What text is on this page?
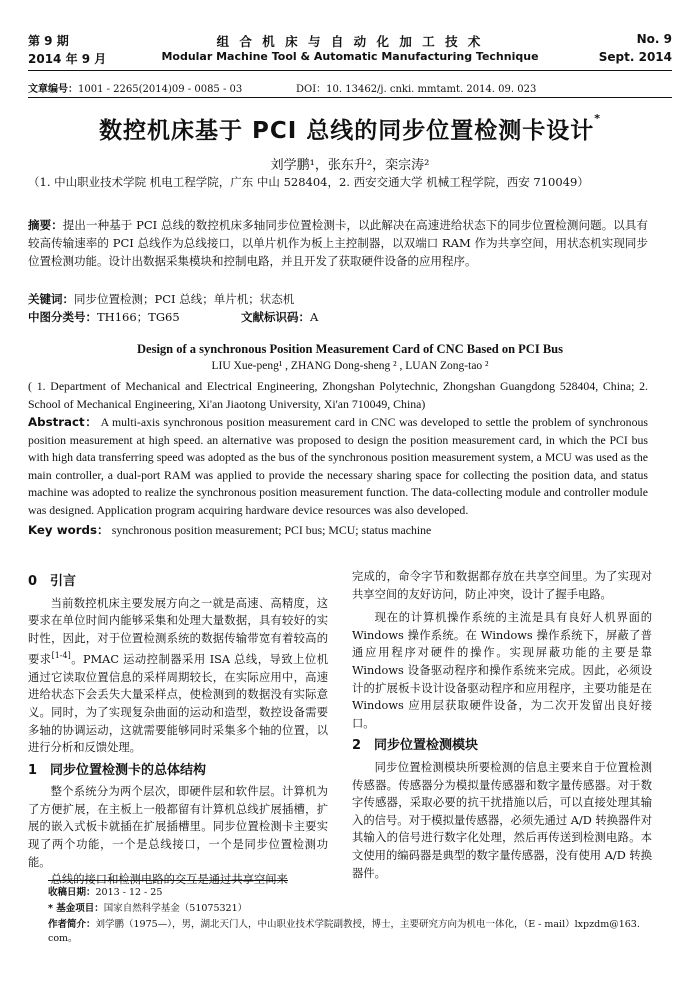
第 9 期
2014 年 9 月
组 合 机 床 与 自 动 化 加 工 技 术
Modular Machine Tool & Automatic Manufacturing Technique
No. 9
Sept. 2014
文章编号：1001 - 2265(2014)09 - 0085 - 03	DOI：10. 13462/j. cnki. mmtamt. 2014. 09. 023
数控机床基于 PCI 总线的同步位置检测卡设计*
刘学鹏¹，张东升²，栾宗涛²
（1. 中山职业技术学院 机电工程学院，广东 中山 528404，2. 西安交通大学 机械工程学院，西安 710049）
摘要：提出一种基于 PCI 总线的数控机床多轴同步位置检测卡，以此解决在高速进给状态下的同步位置检测问题。以具有较高传输速率的 PCI 总线作为总线接口，以单片机作为板上主控制器，以双端口 RAM 作为共享空间，用状态机实现同步位置检测功能。设计出数据采集模块和控制电路，并且开发了获取硬件设备的应用程序。
关键词：同步位置检测；PCI 总线；单片机；状态机
中图分类号：TH166；TG65	文献标识码：A
Design of a synchronous Position Measurement Card of CNC Based on PCI Bus
LIU Xue-peng¹ , ZHANG Dong-sheng ² , LUAN Zong-tao ²
( 1. Department of Mechanical and Electrical Engineering, Zhongshan Polytechnic, Zhongshan Guangdong 528404, China; 2. School of Mechanical Engineering, Xi'an Jiaotong University, Xi'an 710049, China)
Abstract： A multi-axis synchronous position measurement card in CNC was developed to settle the problem of synchronous position measurement at high speed. an alternative was proposed to design the position measurement card, in which the PCI bus with high data transferring speed was adopted as the bus of the synchronous position measurement system, a MCU was used as the main controller, a dual-port RAM was applied to provide the necessary sharing space for collecting the position data, and status machine was adopted to realize the synchronous position measurement function. The data-collecting module and controller module was designed. Application program acquiring hardware device resources was also developed.
Key words： synchronous position measurement; PCI bus; MCU; status machine
0 引言

当前数控机床主要发展方向之一就是高速、高精度，这要求在单位时间内能够采集和处理大量数据，具有较好的实时性，因此，对于位置检测系统的数据传输带宽有着较高的要求[1-4]。PMAC 运动控制器采用 ISA 总线，导致上位机通过它读取位置信息的采样周期较长，在实际应用中，高速进给状态下会丢失大量采样点，使检测到的数据没有实际意义。同时，为了实现复杂曲面的运动和造型，数控设备需要多轴的协调运动，这就需要能够同时采集多个轴的位置，以进行分析和反馈处理。

1 同步位置检测卡的总体结构

整个系统分为两个层次，即硬件层和软件层。计算机为了方便扩展，在主板上一般都留有计算机总线扩展插槽，扩展的嵌入式板卡就插在扩展插槽里。同步位置检测卡主要实现了两个功能，一个是总线接口，一个是同步位置检测功能。

总线的接口和检测电路的交互是通过共享空间来

完成的，命令字节和数据都存放在共享空间里。为了实现对共享空间的友好访问，防止冲突，设计了握手电路。

现在的计算机操作系统的主流是具有良好人机界面的 Windows 操作系统。在 Windows 操作系统下，屏蔽了普通应用程序对硬件的操作。实现屏蔽功能的主要是靠 Windows 设备驱动程序和操作系统来完成。因此，必须设计的扩展板卡设计设备驱动程序和应用程序，主要功能是在 Windows 应用层获取硬件设备，为二次开发留出良好接口。

2 同步位置检测模块

同步位置检测模块所要检测的信息主要来自于位置检测传感器。传感器分为模拟量传感器和数字量传感器。对于数字传感器，采取必要的抗干扰措施以后，可以直接处理其输入的信号。对于模拟量传感器，必须先通过 A/D 转换器件对其输入的信号进行数字化处理，然后再传送到检测电路。本文使用的编码器是典型的数字量传感器，没有使用 A/D 转换器件。

收稿日期：2013 - 12 - 25
* 基金项目：国家自然科学基金（51075321）
作者简介：刘学鹏（1975—），男，湖北天门人，中山职业技术学院副教授，博士，主要研究方向为机电一体化，（E - mail）lxpzdm@163. com。
